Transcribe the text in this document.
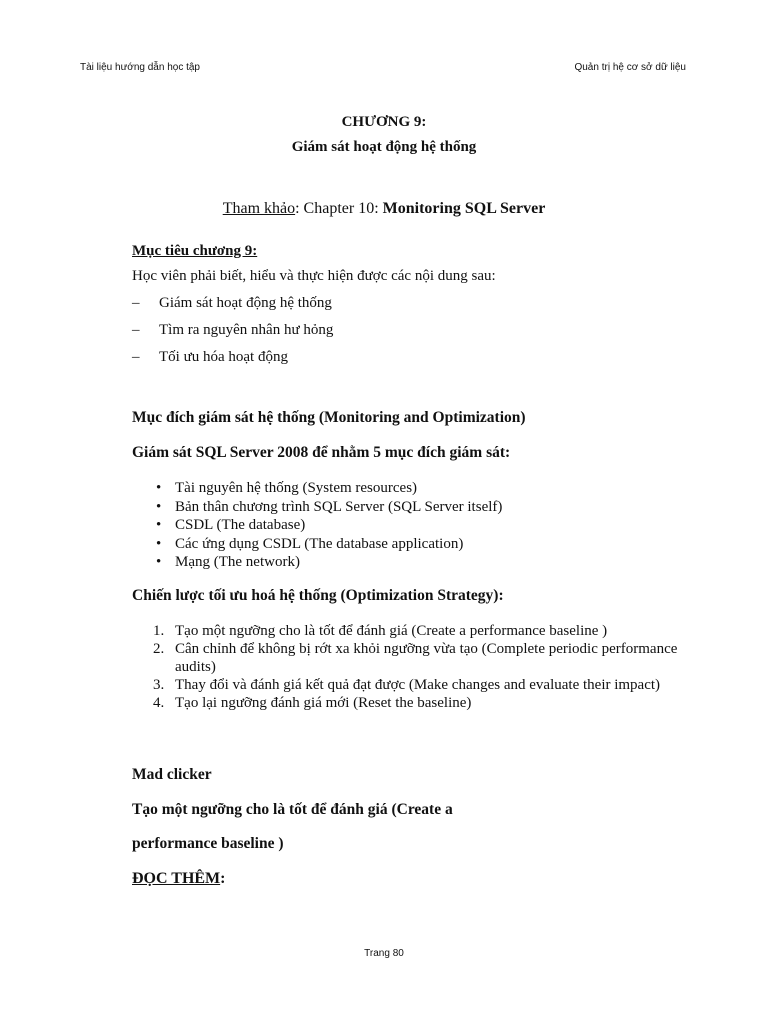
Tài liệu hướng dẫn học tập	Quản trị hệ cơ sở dữ liệu
CHƯƠNG 9:
Giám sát hoạt động hệ thống
Tham khảo: Chapter 10: Monitoring SQL Server
Mục tiêu chương 9:
Học viên phải biết, hiểu và thực hiện được các nội dung sau:
– Giám sát hoạt động hệ thống
– Tìm ra nguyên nhân hư hỏng
– Tối ưu hóa hoạt động
Mục đích giám sát hệ thống (Monitoring and Optimization)
Giám sát SQL Server 2008 để nhằm 5 mục đích giám sát:
• Tài nguyên hệ thống (System resources)
• Bản thân chương trình SQL Server (SQL Server itself)
• CSDL (The database)
• Các ứng dụng CSDL (The database application)
• Mạng (The network)
Chiến lược tối ưu hoá hệ thống (Optimization Strategy):
1. Tạo một ngưỡng cho là tốt để đánh giá (Create a performance baseline )
2. Cân chỉnh để không bị rớt xa khỏi ngưỡng vừa tạo (Complete periodic performance audits)
3. Thay đổi và đánh giá kết quả đạt được (Make changes and evaluate their impact)
4. Tạo lại ngưỡng đánh giá mới (Reset the baseline)
Mad clicker
Tạo một ngưỡng cho là tốt để đánh giá (Create a
performance baseline )
ĐỌC THÊM:
Trang 80
